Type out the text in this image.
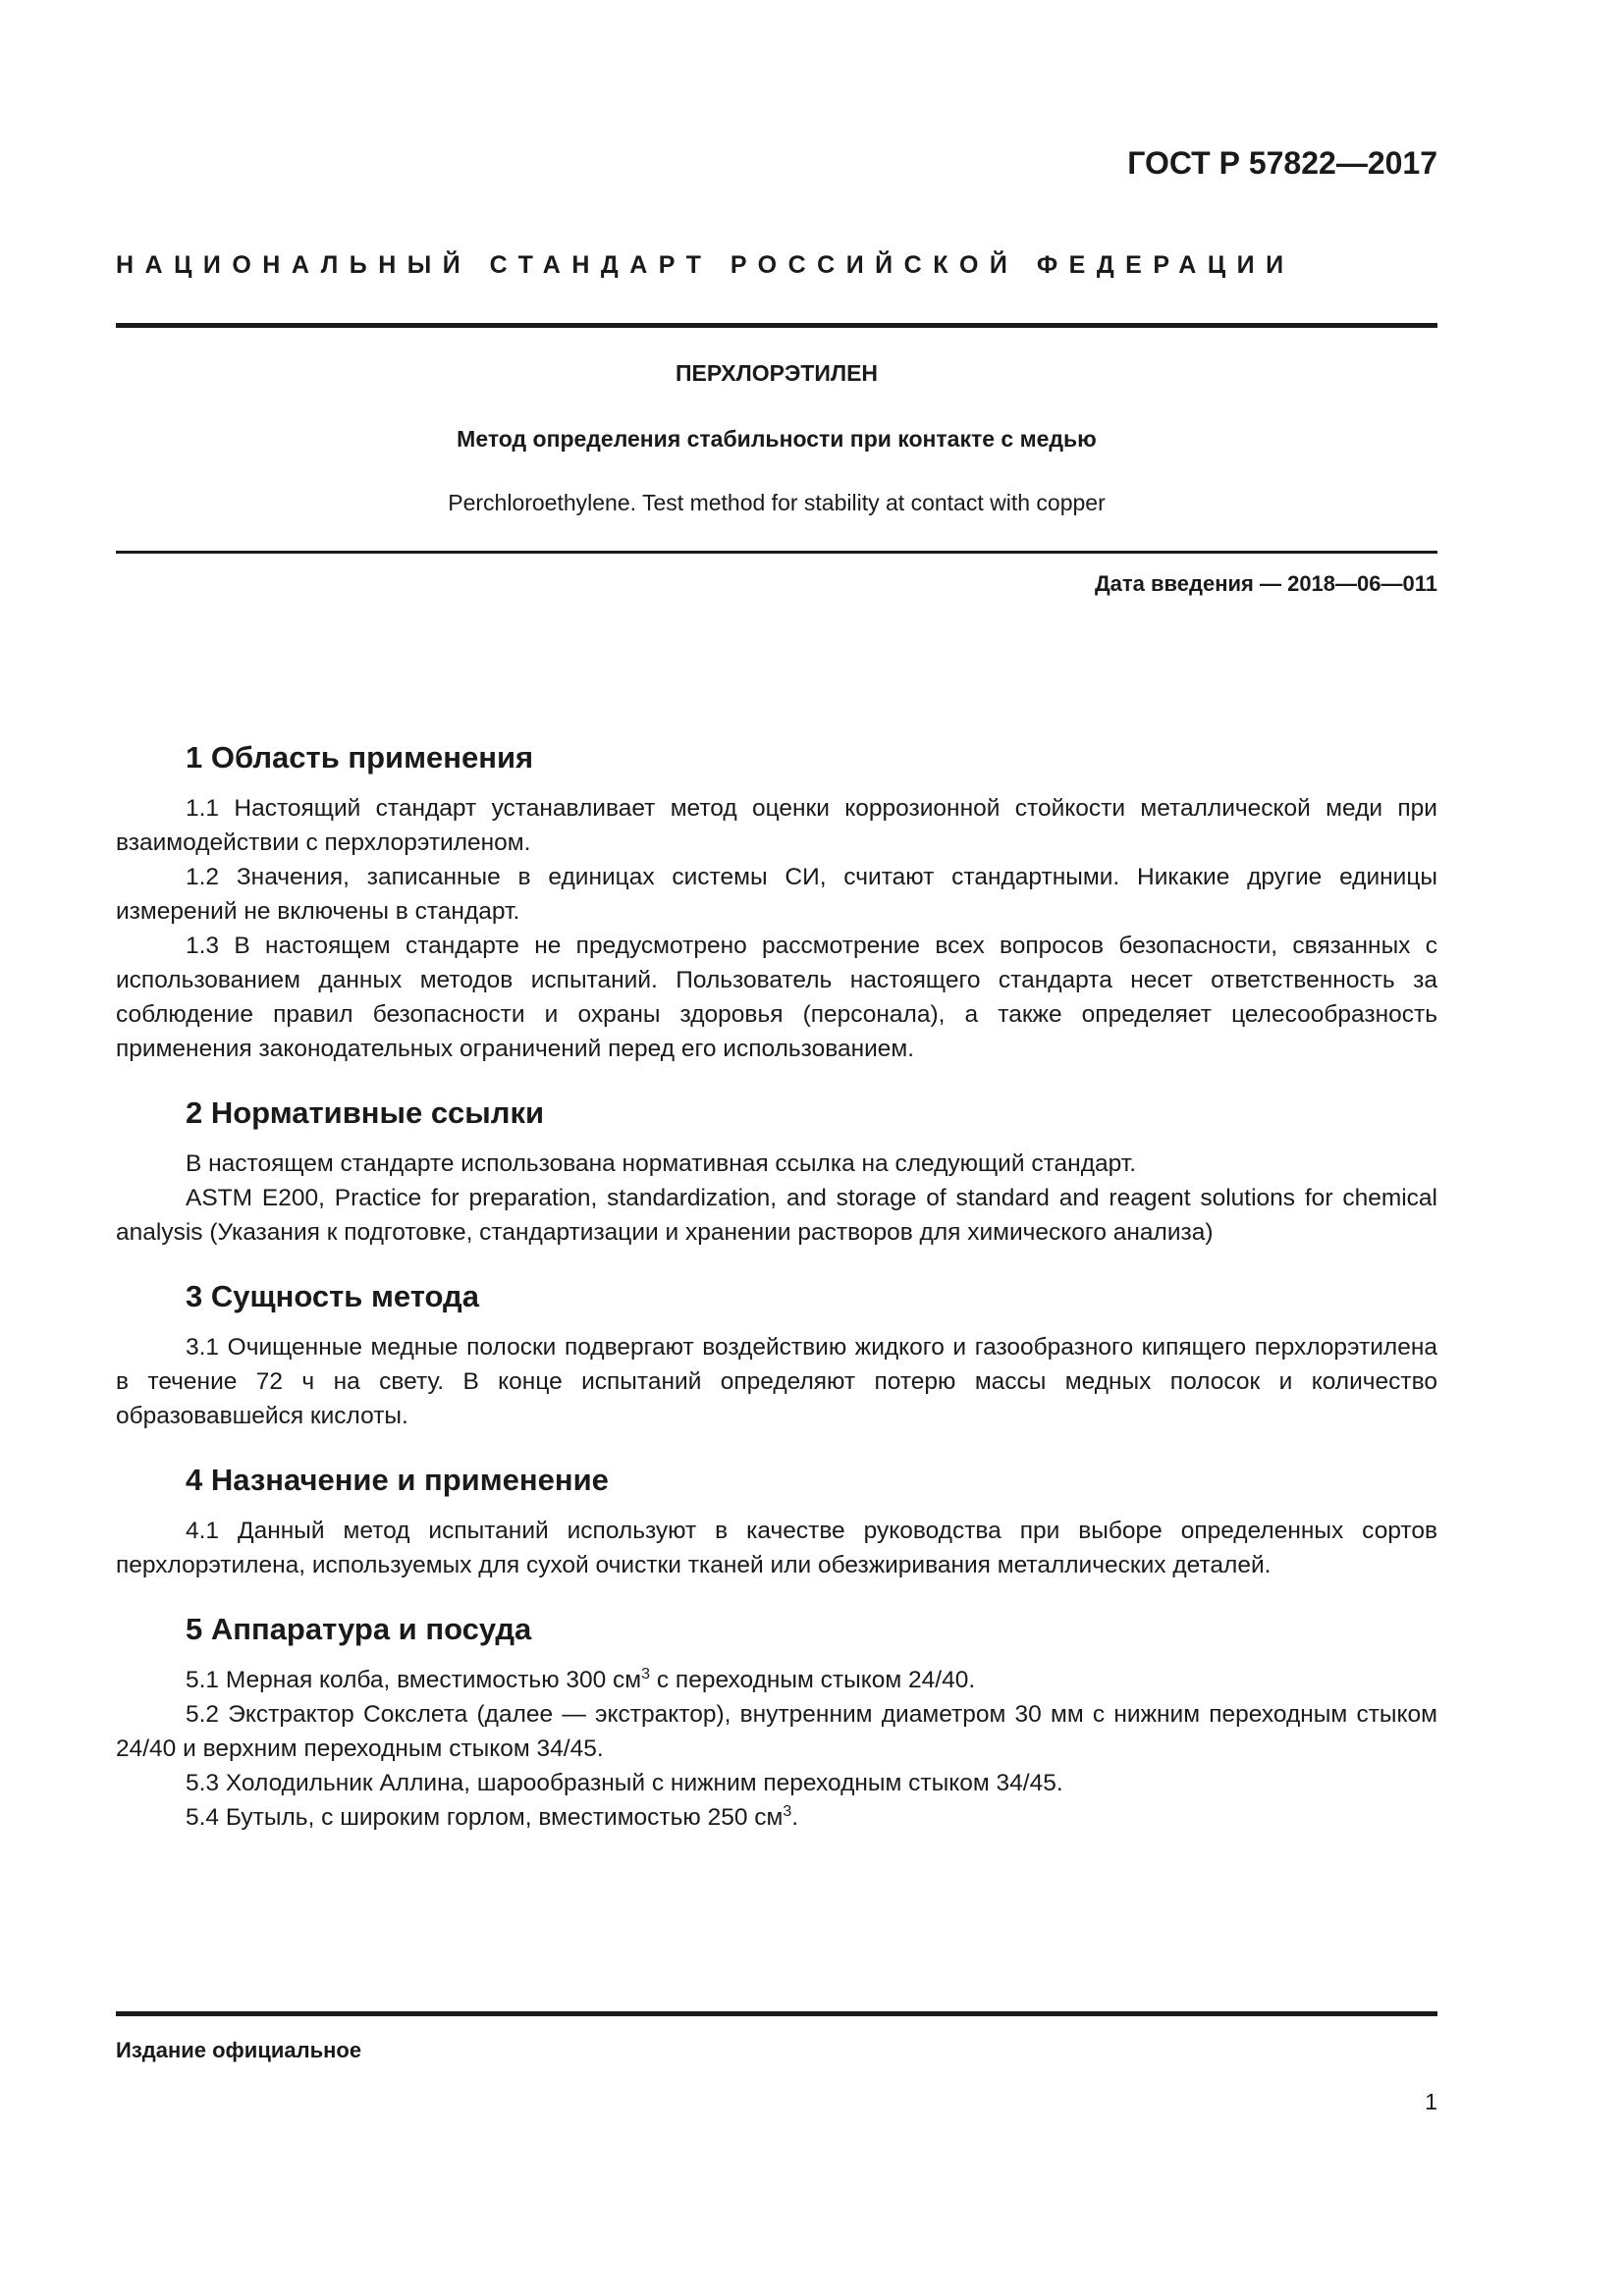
ГОСТ Р 57822—2017
НАЦИОНАЛЬНЫЙ СТАНДАРТ РОССИЙСКОЙ ФЕДЕРАЦИИ
ПЕРХЛОРЭТИЛЕН
Метод определения стабильности при контакте с медью
Perchloroethylene. Test method for stability at contact with copper
Дата введения — 2018—06—011
1 Область применения

1.1 Настоящий стандарт устанавливает метод оценки коррозионной стойкости металлической меди при взаимодействии с перхлорэтиленом.

1.2 Значения, записанные в единицах системы СИ, считают стандартными. Никакие другие единицы измерений не включены в стандарт.

1.3 В настоящем стандарте не предусмотрено рассмотрение всех вопросов безопасности, связанных с использованием данных методов испытаний. Пользователь настоящего стандарта несет ответственность за соблюдение правил безопасности и охраны здоровья (персонала), а также определяет целесообразность применения законодательных ограничений перед его использованием.

2 Нормативные ссылки

В настоящем стандарте использована нормативная ссылка на следующий стандарт.

ASTM E200, Practice for preparation, standardization, and storage of standard and reagent solutions for chemical analysis (Указания к подготовке, стандартизации и хранении растворов для химического анализа)

3 Сущность метода

3.1 Очищенные медные полоски подвергают воздействию жидкого и газообразного кипящего перхлорэтилена в течение 72 ч на свету. В конце испытаний определяют потерю массы медных полосок и количество образовавшейся кислоты.

4 Назначение и применение

4.1 Данный метод испытаний используют в качестве руководства при выборе определенных сортов перхлорэтилена, используемых для сухой очистки тканей или обезжиривания металлических деталей.

5 Аппаратура и посуда

5.1 Мерная колба, вместимостью 300 $см^3$ с переходным стыком 24/40.

5.2 Экстрактор Сокслета (далее — экстрактор), внутренним диаметром 30 мм с нижним переходным стыком 24/40 и верхним переходным стыком 34/45.

5.3 Холодильник Аллина, шарообразный с нижним переходным стыком 34/45.

5.4 Бутыль, с широким горлом, вместимостью 250 $см^3$.

Издание официальное
1
